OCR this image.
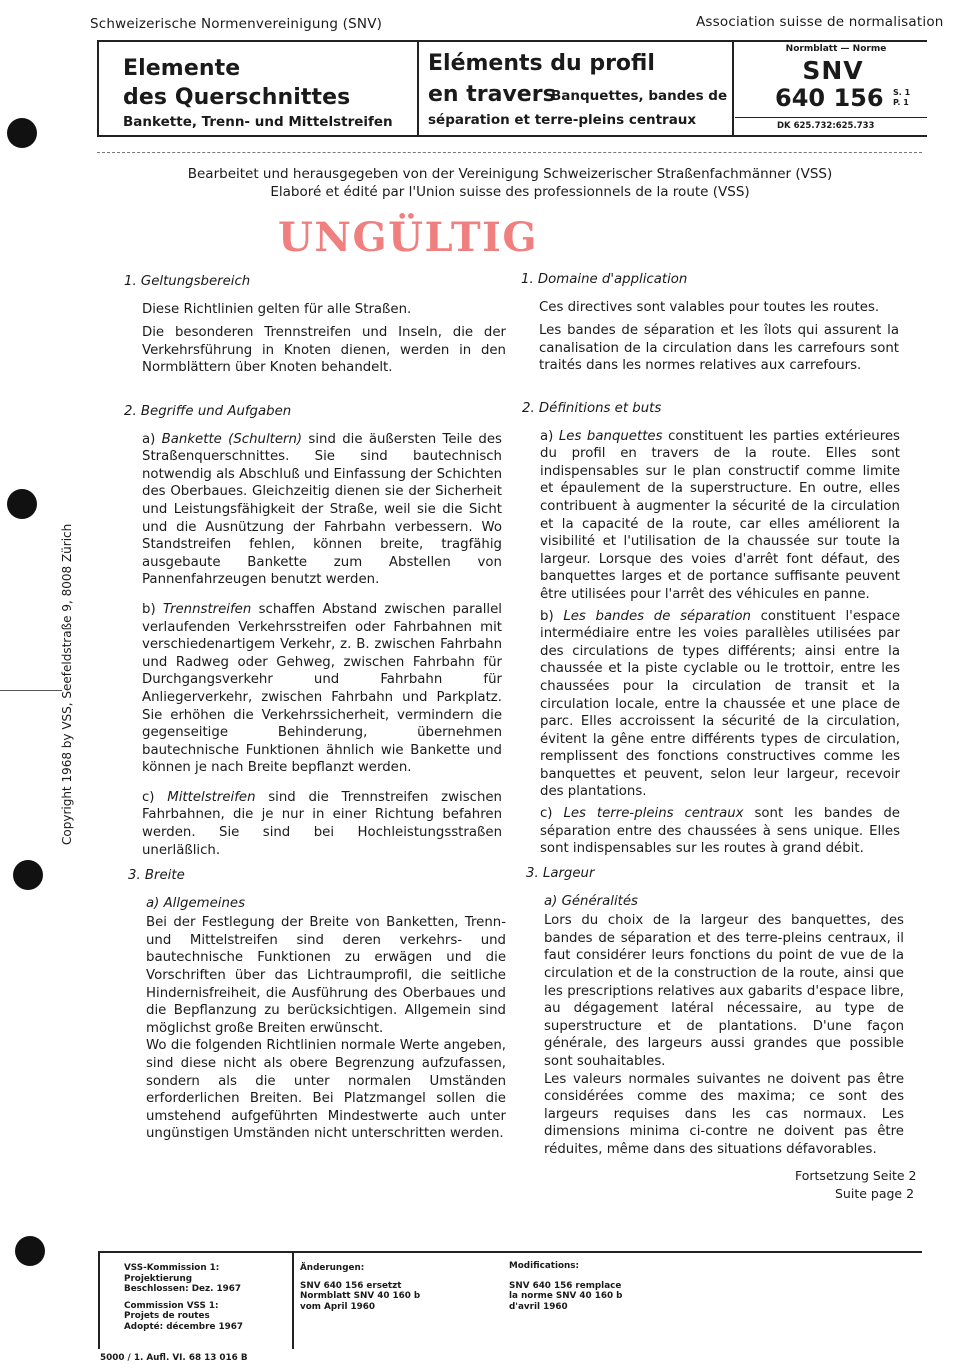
Schweizerische Normenvereinigung (SNV)	Association suisse de normalisation
Elemente
des Querschnittes
Bankette, Trenn- und Mittelstreifen
Eléments du profil
en travers
Banquettes, bandes de
séparation et terre-pleins centraux
Normblatt — Norme
SNV
640 156 S. 1
P. 1
DK 625.732:625.733
Bearbeitet und herausgegeben von der Vereinigung Schweizerischer Straßenfachmänner (VSS)
Elaboré et édité par l'Union suisse des professionnels de la route (VSS)
UNGÜLTIG

1. Geltungsbereich

Diese Richtlinien gelten für alle Straßen.

Die besonderen Trennstreifen und Inseln, die der Verkehrsführung in Knoten dienen, werden in den Normblättern über Knoten behandelt.

2. Begriffe und Aufgaben

a) Bankette (Schultern) sind die äußersten Teile des Straßenquerschnittes. Sie sind bautechnisch notwendig als Abschluß und Einfassung der Schichten des Oberbaues. Gleichzeitig dienen sie der Sicherheit und Leistungsfähigkeit der Straße, weil sie die Sicht und die Ausnützung der Fahrbahn verbessern. Wo Standstreifen fehlen, können breite, tragfähig ausgebaute Bankette zum Abstellen von Pannenfahrzeugen benutzt werden.

b) Trennstreifen schaffen Abstand zwischen parallel verlaufenden Verkehrsstreifen oder Fahrbahnen mit verschiedenartigem Verkehr, z. B. zwischen Fahrbahn und Radweg oder Gehweg, zwischen Fahrbahn für Durchgangsverkehr und Fahrbahn für Anliegerverkehr, zwischen Fahrbahn und Parkplatz. Sie erhöhen die Verkehrssicherheit, vermindern die gegenseitige Behinderung, übernehmen bautechnische Funktionen ähnlich wie Bankette und können je nach Breite bepflanzt werden.

c) Mittelstreifen sind die Trennstreifen zwischen Fahrbahnen, die je nur in einer Richtung befahren werden. Sie sind bei Hochleistungsstraßen unerläßlich.

3. Breite

a) Allgemeines

Bei der Festlegung der Breite von Banketten, Trenn- und Mittelstreifen sind deren verkehrs- und bautechnische Funktionen zu erwägen und die Vorschriften über das Lichtraumprofil, die seitliche Hindernisfreiheit, die Ausführung des Oberbaues und die Bepflanzung zu berücksichtigen. Allgemein sind möglichst große Breiten erwünscht.

Wo die folgenden Richtlinien normale Werte angeben, sind diese nicht als obere Begrenzung aufzufassen, sondern als die unter normalen Umständen erforderlichen Breiten. Bei Platzmangel sollen die umstehend aufgeführten Mindestwerte auch unter ungünstigen Umständen nicht unterschritten werden.

1. Domaine d'application

Ces directives sont valables pour toutes les routes.

Les bandes de séparation et les îlots qui assurent la canalisation de la circulation dans les carrefours sont traités dans les normes relatives aux carrefours.

2. Définitions et buts

a) Les banquettes constituent les parties extérieures du profil en travers de la route. Elles sont indispensables sur le plan constructif comme limite et épaulement de la superstructure. En outre, elles contribuent à augmenter la sécurité de la circulation et la capacité de la route, car elles améliorent la visibilité et l'utilisation de la chaussée sur toute la largeur. Lorsque des voies d'arrêt font défaut, des banquettes larges et de portance suffisante peuvent être utilisées pour l'arrêt des véhicules en panne.

b) Les bandes de séparation constituent l'espace intermédiaire entre les voies parallèles utilisées par des circulations de types différents; ainsi entre la chaussée et la piste cyclable ou le trottoir, entre les chaussées pour la circulation de transit et la circulation locale, entre la chaussée et une place de parc. Elles accroissent la sécurité de la circulation, évitent la gêne entre différents types de circulation, remplissent des fonctions constructives comme les banquettes et peuvent, selon leur largeur, recevoir des plantations.

c) Les terre-pleins centraux sont les bandes de séparation entre des chaussées à sens unique. Elles sont indispensables sur les routes à grand débit.

3. Largeur

a) Généralités

Lors du choix de la largeur des banquettes, des bandes de séparation et des terre-pleins centraux, il faut considérer leurs fonctions du point de vue de la circulation et de la construction de la route, ainsi que les prescriptions relatives aux gabarits d'espace libre, au dégagement latéral nécessaire, au type de superstructure et de plantations. D'une façon générale, des largeurs aussi grandes que possible sont souhaitables.

Les valeurs normales suivantes ne doivent pas être considérées comme des maxima; ce sont des largeurs requises dans les cas normaux. Les dimensions minima ci-contre ne doivent pas être réduites, même dans des situations défavorables.

Fortsetzung Seite 2
Suite page 2
Copyright 1968 by VSS, Seefeldstraße 9, 8008 Zürich

VSS-Kommission 1:

Projektierung

Beschlossen: Dez. 1967

Commission VSS 1:

Projets de routes

Adopté: décembre 1967

Änderungen:

SNV 640 156 ersetzt

Normblatt SNV 40 160 b

vom April 1960

Modifications:

SNV 640 156 remplace

la norme SNV 40 160 b

d'avril 1960

5000 / 1. Aufl. VI. 68 13 016 B
